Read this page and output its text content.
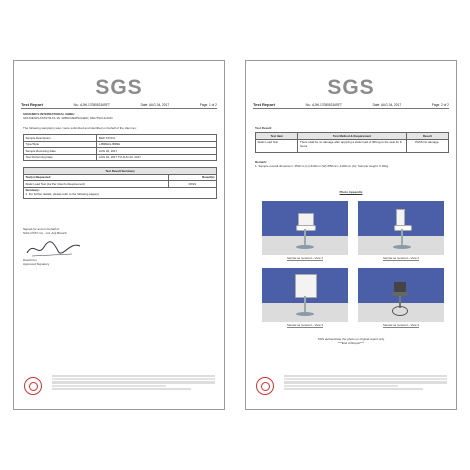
SGS
Test Report	No.: AJHL170805316SFT	Date: AUG 04, 2017	Page: 1 of 2
SONGMICS INTERNATIONAL GMBH
GRÜNENPLATZSTR.10-18, 42899 REMSCHEID, DEUTSCHLAND
The following sample(s) was / were submitted and identified on behalf of the client as:
Sample Description	BAR STOOL
Type/Style	LJB99H/LJB99H
Sample Receiving Date	AUG 02, 2017
Test Performing Date	AUG 02, 2017 TO AUG 03, 2017
Test Result Summary	
Test(s) Requested	Result(s)
Static Load Test (As Per Client's Requirement)	PASS

Summary:
1. For further details, please refer to the following page(s)	
Signed for and on behalf of
SGS-CSTC Co., Ltd. Anji Branch
David Fen
Approved Signatory
SGS
Test Report	No.: AJHL170805316SFT	Date: AUG 04, 2017	Page: 2 of 2
Test Result:
Test Item	Test Method & Requirement	Result
Static Load Test	There shall be no damage after applying a static load of 300 kg to the seat for 8 hours.	PASS No damage.
Remark:
1. Sample overall dimension: 450mm (L)×440mm (W)×850mm~1100mm (H); Sample weight: 6.30kg
Photo Appendix
Sample as received – View 1	Sample as received – View 2
Sample as received – View 3	Sample as received – View 4
SGS authenticate the photo on original report only
***End of Report***
